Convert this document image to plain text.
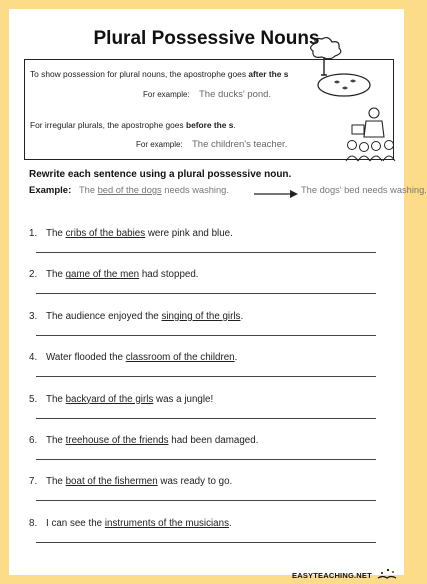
Plural Possessive Nouns
To show possession for plural nouns, the apostrophe goes after the s
For example: The ducks' pond.
For irregular plurals, the apostrophe goes before the s.
For example: The children's teacher.
Rewrite each sentence using a plural possessive noun.
Example: The bed of the dogs needs washing.	The dogs' bed needs washing.
1. The cribs of the babies were pink and blue.
2. The game of the men had stopped.
3. The audience enjoyed the singing of the girls.
4. Water flooded the classroom of the children.
5. The backyard of the girls was a jungle!
6. The treehouse of the friends had been damaged.
7. The boat of the fishermen was ready to go.
8. I can see the instruments of the musicians.
EASYTEACHING.NET
